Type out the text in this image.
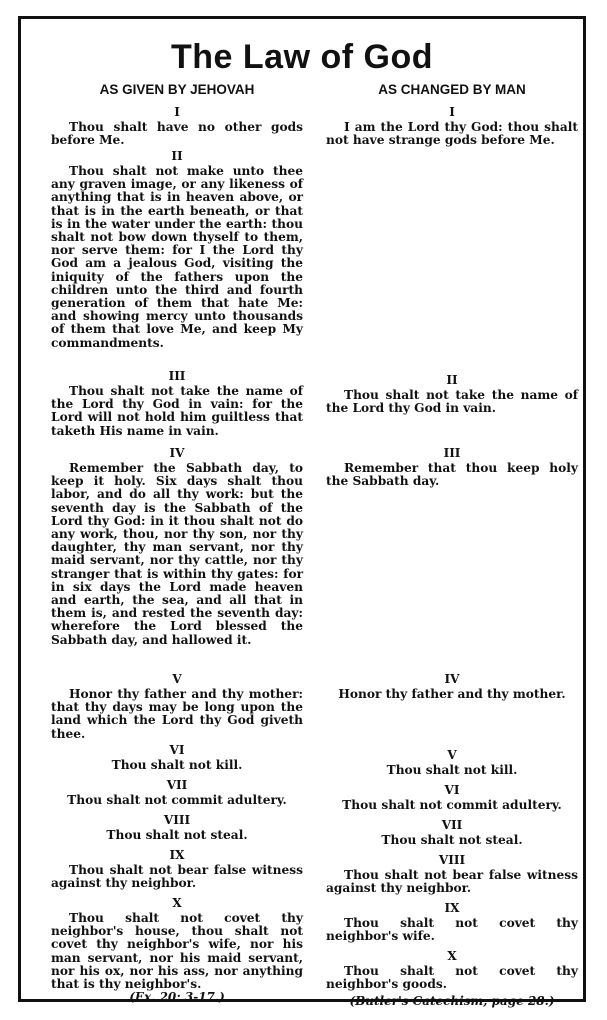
The Law of God
AS GIVEN BY JEHOVAH
I
Thou shalt have no other gods before Me.
II
Thou shalt not make unto thee any graven image, or any likeness of anything that is in heaven above, or that is in the earth beneath, or that is in the water under the earth: thou shalt not bow down thyself to them, nor serve them: for I the Lord thy God am a jealous God, visiting the iniquity of the fathers upon the children unto the third and fourth generation of them that hate Me: and showing mercy unto thousands of them that love Me, and keep My commandments.
III
Thou shalt not take the name of the Lord thy God in vain: for the Lord will not hold him guiltless that taketh His name in vain.
IV
Remember the Sabbath day, to keep it holy. Six days shalt thou labor, and do all thy work: but the seventh day is the Sabbath of the Lord thy God: in it thou shalt not do any work, thou, nor thy son, nor thy daughter, thy man servant, nor thy maid servant, nor thy cattle, nor thy stranger that is within thy gates: for in six days the Lord made heaven and earth, the sea, and all that in them is, and rested the seventh day: wherefore the Lord blessed the Sabbath day, and hallowed it.
V
Honor thy father and thy mother: that thy days may be long upon the land which the Lord thy God giveth thee.
VI
Thou shalt not kill.
VII
Thou shalt not commit adultery.
VIII
Thou shalt not steal.
IX
Thou shalt not bear false witness against thy neighbor.
X
Thou shalt not covet thy neighbor's house, thou shalt not covet thy neighbor's wife, nor his man servant, nor his maid servant, nor his ox, nor his ass, nor anything that is thy neighbor's.
(Ex. 20: 3-17.)
AS CHANGED BY MAN
I
I am the Lord thy God: thou shalt not have strange gods before Me.
II
Thou shalt not take the name of the Lord thy God in vain.
III
Remember that thou keep holy the Sabbath day.
IV
Honor thy father and thy mother.
V
Thou shalt not kill.
VI
Thou shalt not commit adultery.
VII
Thou shalt not steal.
VIII
Thou shalt not bear false witness against thy neighbor.
IX
Thou shalt not covet thy neighbor's wife.
X
Thou shalt not covet thy neighbor's goods.
(Butler's Catechism, page 28.)
